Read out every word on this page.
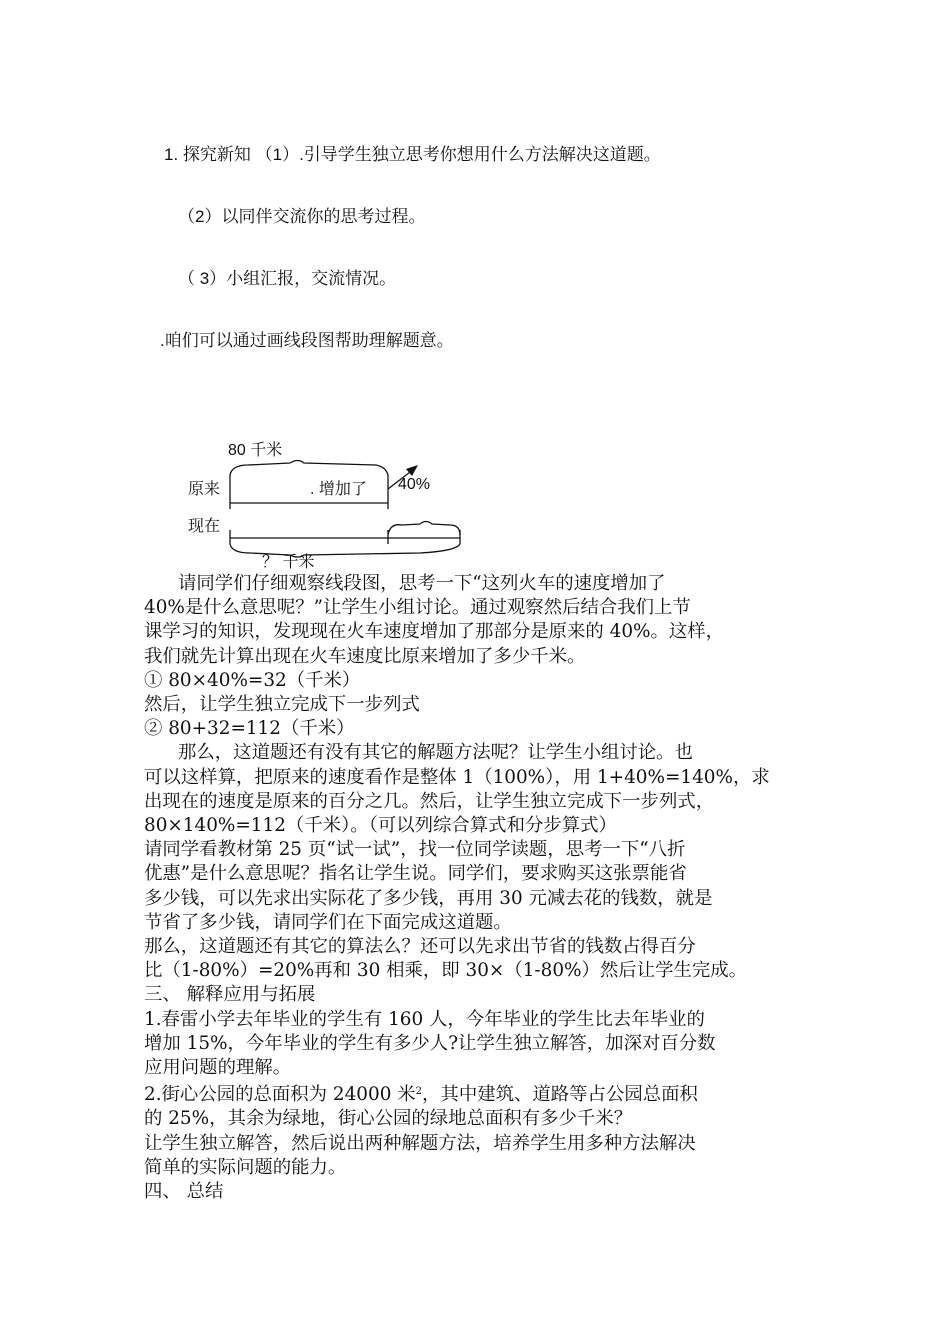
1. 探究新知 （1）.引导学生独立思考你想用什么方法解决这道题。
（2）以同伴交流你的思考过程。
（ 3）小组汇报，交流情况。
.咱们可以通过画线段图帮助理解题意。
80 千米
原来	. 增加了 40%
现在
？ 千米

请同学们仔细观察线段图，思考一下“这列火车的速度增加了

40%是什么意思呢？”让学生小组讨论。通过观察然后结合我们上节

课学习的知识，发现现在火车速度增加了那部分是原来的 40%。这样，

我们就先计算出现在火车速度比原来增加了多少千米。

① 80×40%=32（千米）

然后，让学生独立完成下一步列式

② 80+32=112（千米）

那么，这道题还有没有其它的解题方法呢？让学生小组讨论。也

可以这样算，把原来的速度看作是整体 1（100%），用 1+40%=140%，求

出现在的速度是原来的百分之几。然后，让学生独立完成下一步列式，

80×140%=112（千米）。（可以列综合算式和分步算式）

请同学看教材第 25 页“试一试”，找一位同学读题，思考一下“八折

优惠”是什么意思呢？指名让学生说。同学们，要求购买这张票能省

多少钱，可以先求出实际花了多少钱，再用 30 元减去花的钱数，就是

节省了多少钱，请同学们在下面完成这道题。

那么，这道题还有其它的算法么？还可以先求出节省的钱数占得百分

比（1-80%）=20%再和 30 相乘，即 30×（1-80%）然后让学生完成。

三、 解释应用与拓展

1.春雷小学去年毕业的学生有 160 人，今年毕业的学生比去年毕业的

增加 15%，今年毕业的学生有多少人?让学生独立解答，加深对百分数

应用问题的理解。

2.街心公园的总面积为 24000 米$^2$，其中建筑、道路等占公园总面积

的 25%，其余为绿地，街心公园的绿地总面积有多少千米？

让学生独立解答，然后说出两种解题方法，培养学生用多种方法解决

简单的实际问题的能力。

四、 总结
